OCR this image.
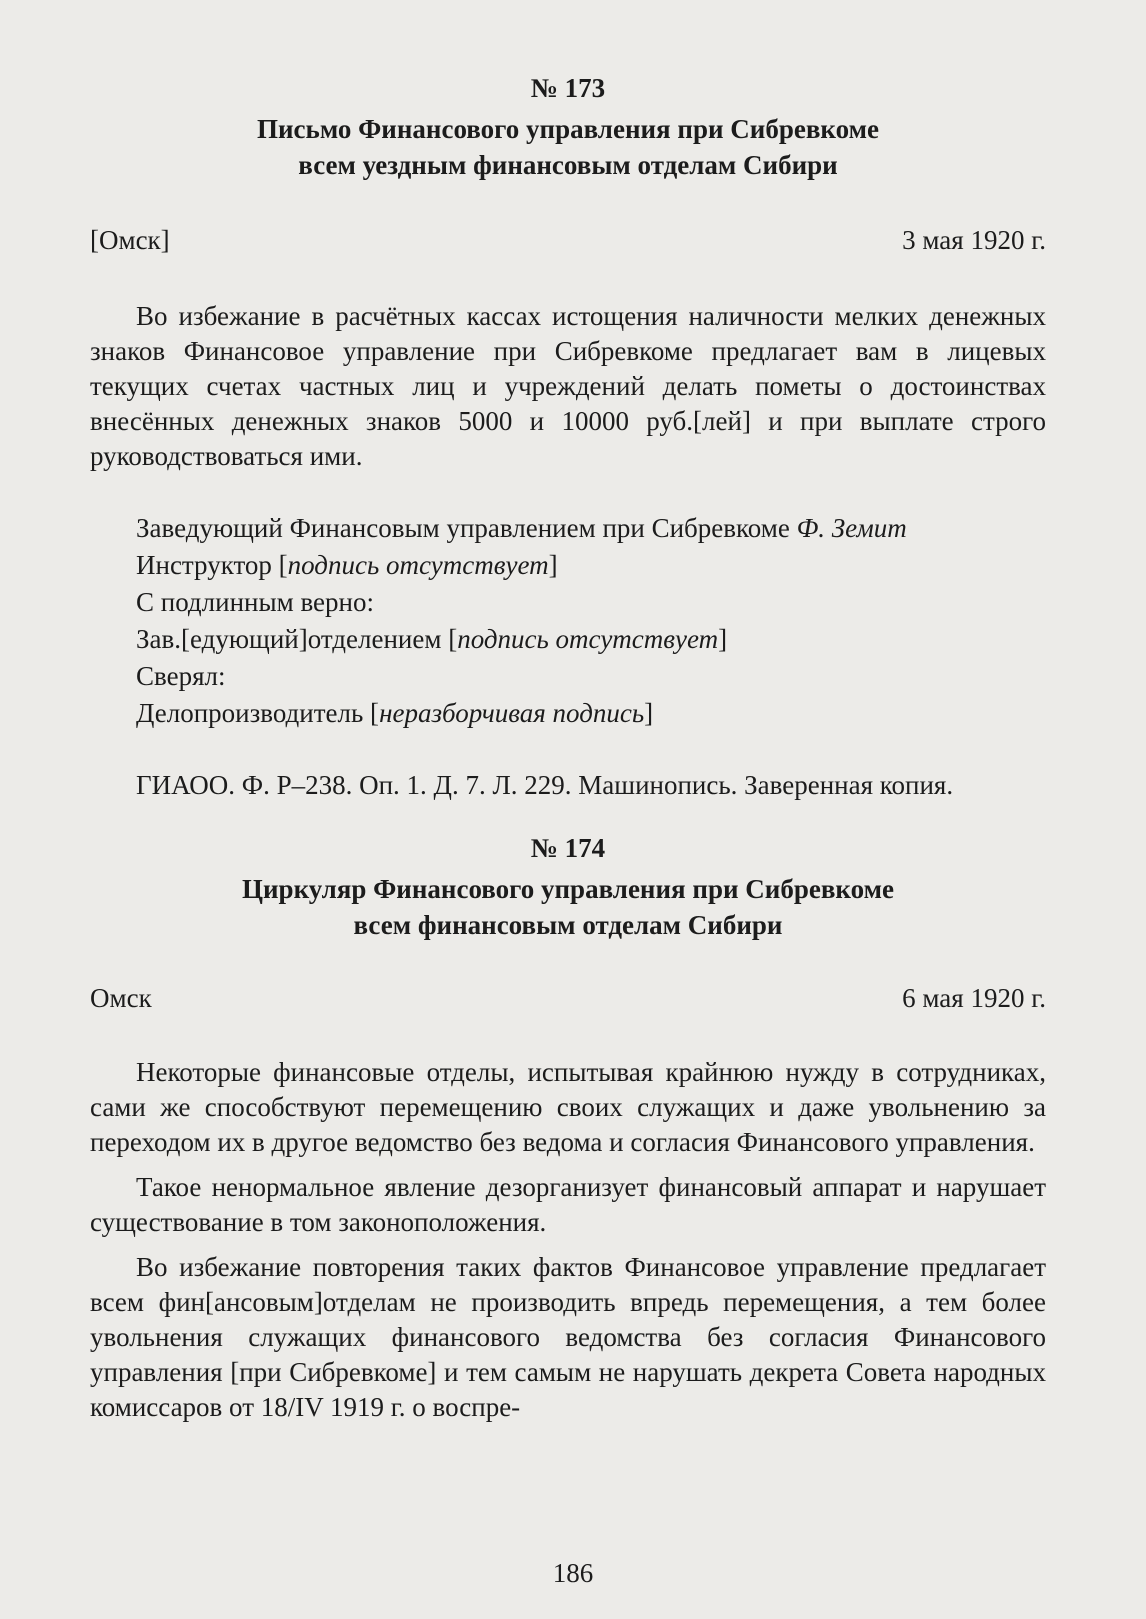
№ 173
Письмо Финансового управления при Сибревкоме
всем уездным финансовым отделам Сибири
[Омск]	3 мая 1920 г.

Во избежание в расчётных кассах истощения наличности мелких денежных знаков Финансовое управление при Сибревкоме предлагает вам в лицевых текущих счетах частных лиц и учреждений делать пометы о достоинствах внесённых денежных знаков 5000 и 10000 руб.[лей] и при выплате строго руководствоваться ими.

Заведующий Финансовым управлением при Сибревкоме Ф. Земит
Инструктор [подпись отсутствует]
С подлинным верно:
Зав.[едующий]отделением [подпись отсутствует]
Сверял:
Делопроизводитель [неразборчивая подпись]
ГИАОО. Ф. Р–238. Оп. 1. Д. 7. Л. 229. Машинопись. Заверенная копия.
№ 174
Циркуляр Финансового управления при Сибревкоме
всем финансовым отделам Сибири
Омск	6 мая 1920 г.

Некоторые финансовые отделы, испытывая крайнюю нужду в сотрудниках, сами же способствуют перемещению своих служащих и даже увольнению за переходом их в другое ведомство без ведома и согласия Финансового управления.

Такое ненормальное явление дезорганизует финансовый аппарат и нарушает существование в том законоположения.

Во избежание повторения таких фактов Финансовое управление предлагает всем фин[ансовым]отделам не производить впредь перемещения, а тем более увольнения служащих финансового ведомства без согласия Финансового управления [при Сибревкоме] и тем самым не нарушать декрета Совета народных комиссаров от 18/IV 1919 г. о воспре-

186
